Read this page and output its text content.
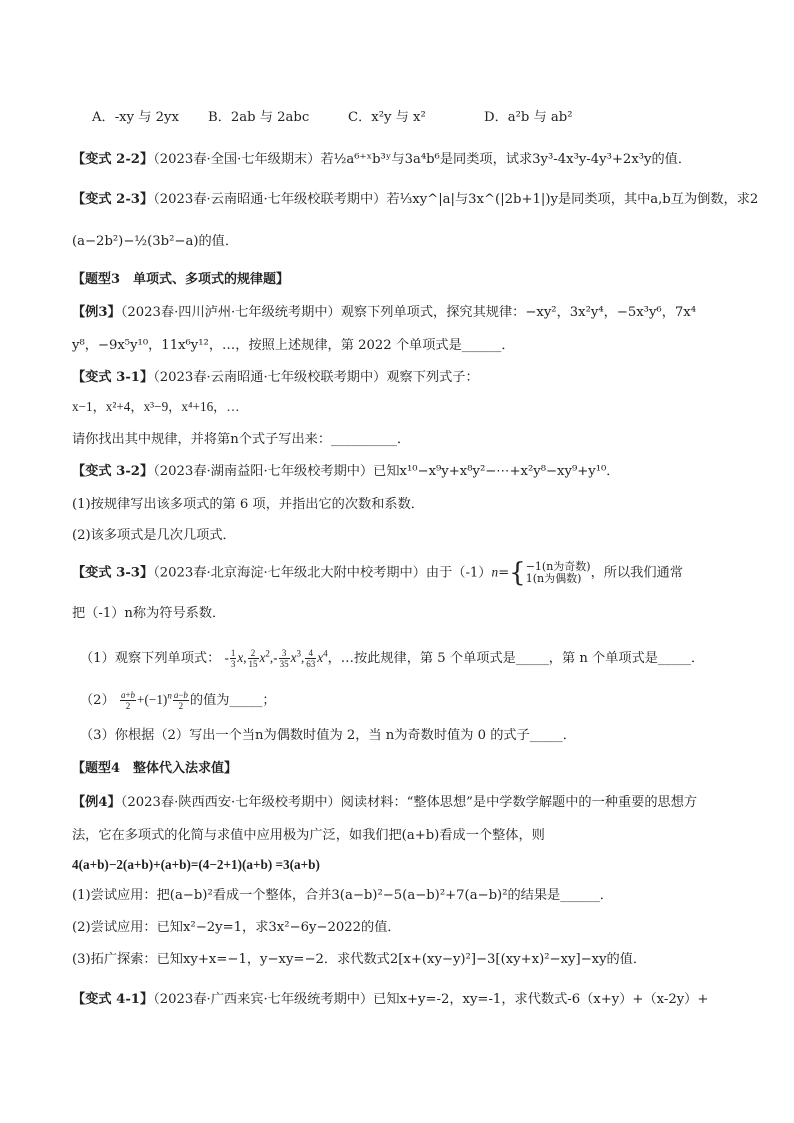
A．-xy 与 2yx B．2ab 与 2abc	C．x²y 与 x²	D．a²b 与 ab²
【变式 2-2】（2023春·全国·七年级期末）若½a⁶⁺ˣb³ʸ与3a⁴b⁶是同类项，试求3y³-4x³y-4y³+2x³y的值．
【变式 2-3】（2023春·云南昭通·七年级校联考期中）若⅓xy^|a|与3x^(|2b+1|)y是同类项，其中a,b互为倒数，求2
(a−2b²)−½(3b²−a)的值．
【题型3　单项式、多项式的规律题】
【例3】（2023春·四川泸州·七年级统考期中）观察下列单项式，探究其规律：−xy²，3x²y⁴，−5x³y⁶，7x⁴
y⁸，−9x⁵y¹⁰，11x⁶y¹²，…，按照上述规律，第 2022 个单项式是______．
【变式 3-1】（2023春·云南昭通·七年级校联考期中）观察下列式子：
x−1，x²+4，x³−9，x⁴+16，…
请你找出其中规律，并将第n个式子写出来：__________．
【变式 3-2】（2023春·湖南益阳·七年级校考期中）已知x¹⁰−x⁹y+x⁸y²−⋯+x²y⁸−xy⁹+y¹⁰．
(1)按规律写出该多项式的第 6 项，并指出它的次数和系数．
(2)该多项式是几次几项式．
【变式 3-3】（2023春·北京海淀·七年级北大附中校考期中）由于（-1）n={ −1(n为奇数)
1(n为偶数) ，所以我们通常
把（-1）n称为符号系数．
（1）观察下列单项式： - $\frac{1}{3} x$, $\frac{2}{15} x^2,- \frac{3}{35} x^3$, $\frac{4}{63} x^4$，…按此规律，第 5 个单项式是_____，第 n 个单项式是_____．
$(2) \frac{a+b}{2} +(-1)^n \frac{a-b}{2}$ 的值为_____；
（3）你根据（2）写出一个当n为偶数时值为 2，当 n为奇数时值为 0 的式子_____．
【题型4　整体代入法求值】
【例4】（2023春·陕西西安·七年级校考期中）阅读材料：“整体思想”是中学数学解题中的一种重要的思想方
法，它在多项式的化简与求值中应用极为广泛，如我们把(a+b)看成一个整体，则
4(a+b)−2(a+b)+(a+b)=(4−2+1)(a+b) =3(a+b)
(1)尝试应用：把(a−b)²看成一个整体，合并3(a−b)²−5(a−b)²+7(a−b)²的结果是______．
(2)尝试应用：已知x²−2y=1，求3x²−6y−2022的值．
(3)拓广探索：已知xy+x=−1，y−xy=−2．求代数式2[x+(xy−y)²]−3[(xy+x)²−xy]−xy的值．
【变式 4-1】（2023春·广西来宾·七年级统考期中）已知x+y=-2，xy=-1，求代数式-6（x+y）+（x-2y）+
